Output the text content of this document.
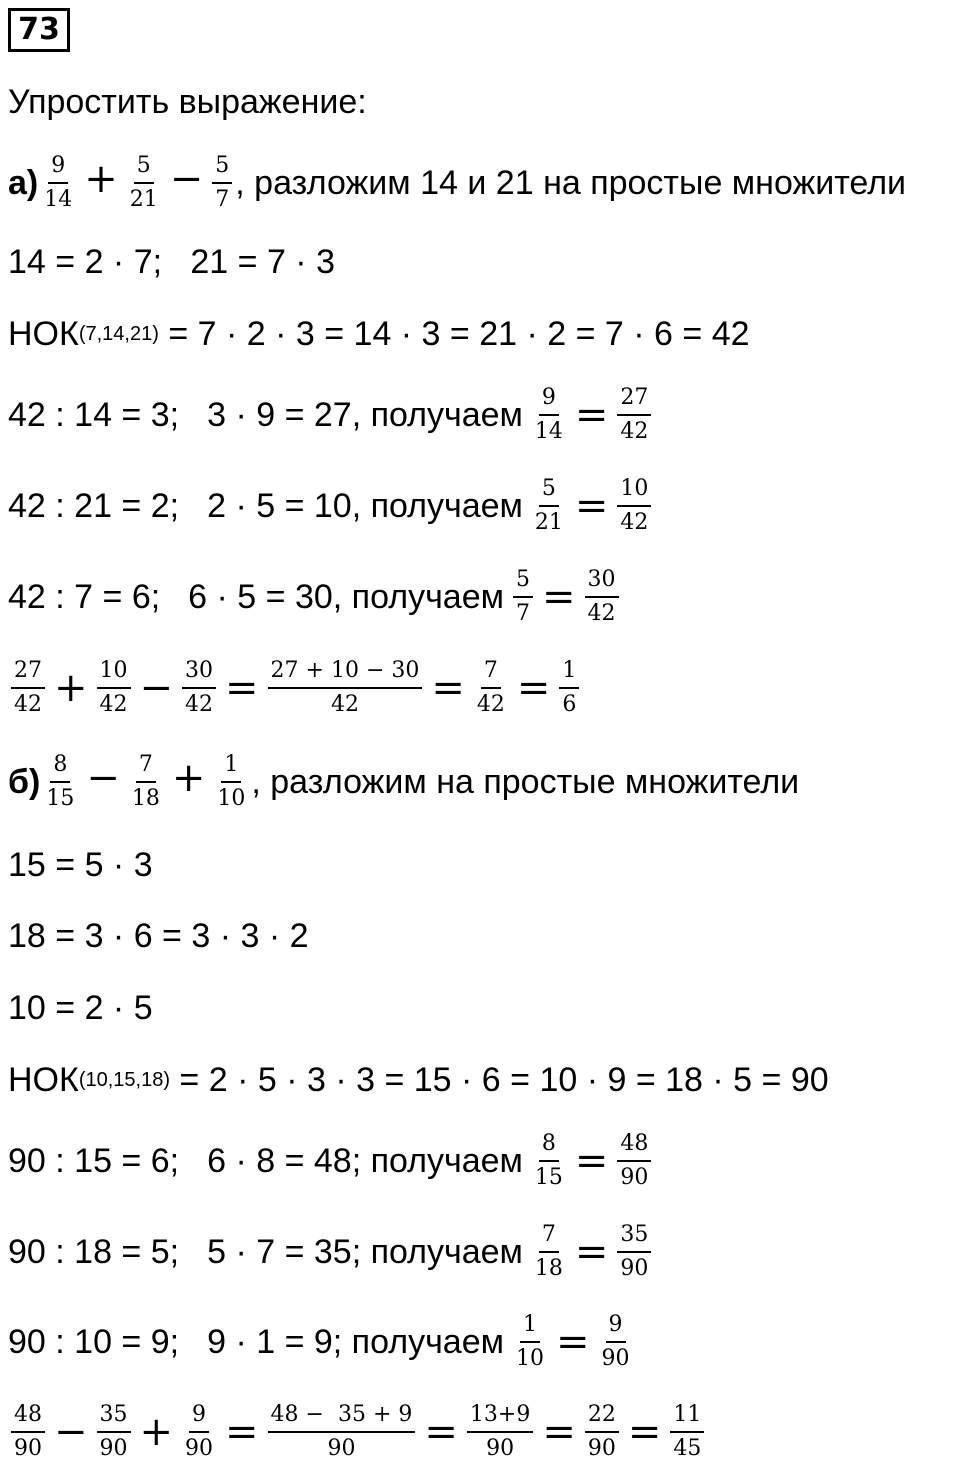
73
Упростить выражение:
$а) \frac{9}{14} + \frac{5}{21} - \frac{5}{7}$ , разложим 14 и 21 на простые множители
14 = 2 · 7;   21 = 7 · 3
НОК (7,14,21) = 7 · 2 · 3 = 14 · 3 = 21 · 2 = 7 · 6 = 42
42 : 14 = 3; 3 · 9 = 27, получаем $\frac{9}{14} = \frac{27}{42}$
42 : 21 = 2; 2 · 5 = 10, получаем $\frac{5}{21} = \frac{10}{42}$
42 : 7 = 6; 6 · 5 = 30, получаем $\frac{5}{7} = \frac{30}{42}$
$\frac{27}{42} + \frac{10}{42} - \frac{30}{42} = \frac{27 + 10 - 30}{42} = \frac{7}{42} = \frac{1}{6}$
$б) \frac{8}{15} - \frac{7}{18} + \frac{1}{10}$ , разложим на простые множители
15 = 5 · 3
18 = 3 · 6 = 3 · 3 · 2
10 = 2 · 5
НОК (10,15,18) = 2 · 5 · 3 · 3 = 15 · 6 = 10 · 9 = 18 · 5 = 90
90 : 15 = 6; 6 · 8 = 48; получаем $\frac{8}{15} = \frac{48}{90}$
90 : 18 = 5; 5 · 7 = 35; получаем $\frac{7}{18} = \frac{35}{90}$
90 : 10 = 9; 9 · 1 = 9; получаем $\frac{1}{10} = \frac{9}{90}$
$\frac{48}{90} - \frac{35}{90} + \frac{9}{90} = \frac{48 - 35 + 9}{90} = \frac{13+9}{90} = \frac{22}{90} = \frac{11}{45}$
